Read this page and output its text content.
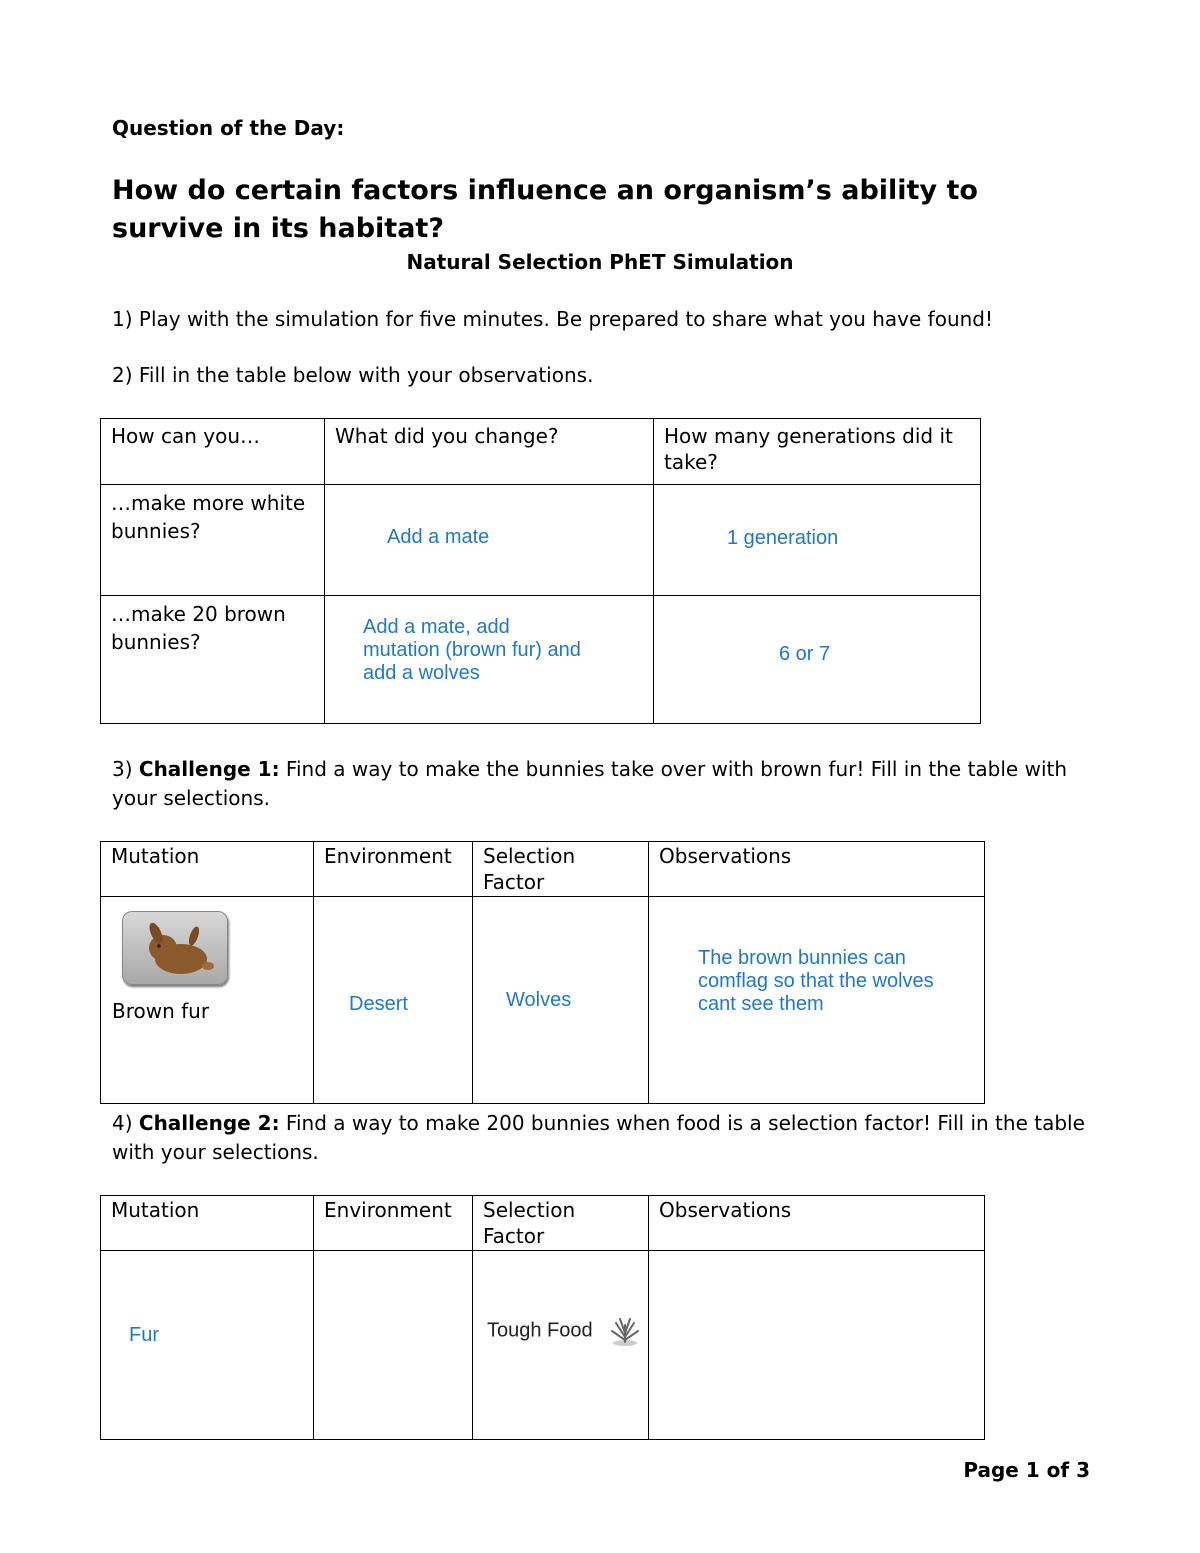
Question of the Day:
How do certain factors influence an organism’s ability to survive in its habitat?
Natural Selection PhET Simulation
1) Play with the simulation for five minutes. Be prepared to share what you have found!
2) Fill in the table below with your observations.
How can you…	What did you change?	How many generations did it take?

…make more white bunnies?	Add a mate	1 generation

…make 20 brown bunnies?	Add a mate, add mutation (brown fur) and add a wolves	6 or 7
3) Challenge 1: Find a way to make the bunnies take over with brown fur! Fill in the table with your selections.
Mutation	Environment	Selection Factor	Observations

Brown fur	Desert	Wolves	The brown bunnies can comflag so that the wolves cant see them
4) Challenge 2: Find a way to make 200 bunnies when food is a selection factor! Fill in the table with your selections.
Mutation	Environment	Selection Factor	Observations

Fur		Tough Food	

Page 1 of 3
